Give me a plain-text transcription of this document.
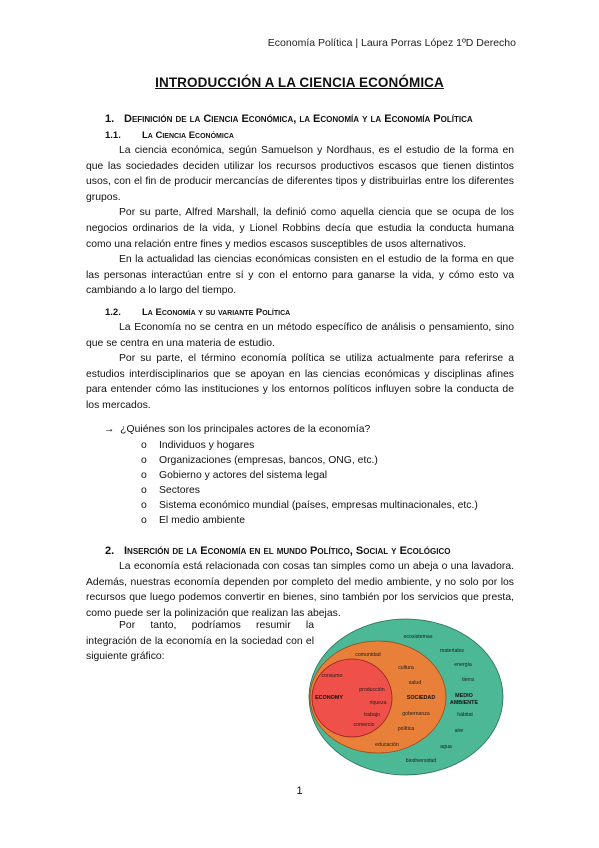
Economía Política | Laura Porras López 1ºD Derecho
INTRODUCCIÓN A LA CIENCIA ECONÓMICA
1. Definición de la Ciencia Económica, la Economía y la Economía Política
1.1. La Ciencia Económica

La ciencia económica, según Samuelson y Nordhaus, es el estudio de la forma en que las sociedades deciden utilizar los recursos productivos escasos que tienen distintos usos, con el fin de producir mercancías de diferentes tipos y distribuirlas entre los diferentes grupos.

Por su parte, Alfred Marshall, la definió como aquella ciencia que se ocupa de los negocios ordinarios de la vida, y Lionel Robbins decía que estudia la conducta humana como una relación entre fines y medios escasos susceptibles de usos alternativos.

En la actualidad las ciencias económicas consisten en el estudio de la forma en que las personas interactúan entre sí y con el entorno para ganarse la vida, y cómo esto va cambiando a lo largo del tiempo.

1.2. La Economía y su variante Política

La Economía no se centra en un método específico de análisis o pensamiento, sino que se centra en una materia de estudio.

Por su parte, el término economía política se utiliza actualmente para referirse a estudios interdisciplinarios que se apoyan en las ciencias económicas y disciplinas afines para entender cómo las instituciones y los entornos políticos influyen sobre la conducta de los mercados.

→ ¿Quiénes son los principales actores de la economía?
o Individuos y hogares
o Organizaciones (empresas, bancos, ONG, etc.)
o Gobierno y actores del sistema legal
o Sectores
o Sistema económico mundial (países, empresas multinacionales, etc.)
o El medio ambiente
2. Inserción de la Economía en el mundo Político, Social y Ecológico

La economía está relacionada con cosas tan simples como un abeja o una lavadora. Además, nuestras economía dependen por completo del medio ambiente, y no solo por los recursos que luego podemos convertir en bienes, sino también por los servicios que presta, como puede ser la polinización que realizan las abejas.

Por tanto, podríamos resumir la integración de la economía en la sociedad con el siguiente gráfico:

consumo
producción
riqueza
trabajo
comercio
comunidad
cultura
salud
gobernanza
política
educación
ecosistemas
materiales
energía
tierra
hábitat
aire
agua
biodiversidad
ECONOMY	SOCIEDAD	MEDIO
AMBIENTE
1
